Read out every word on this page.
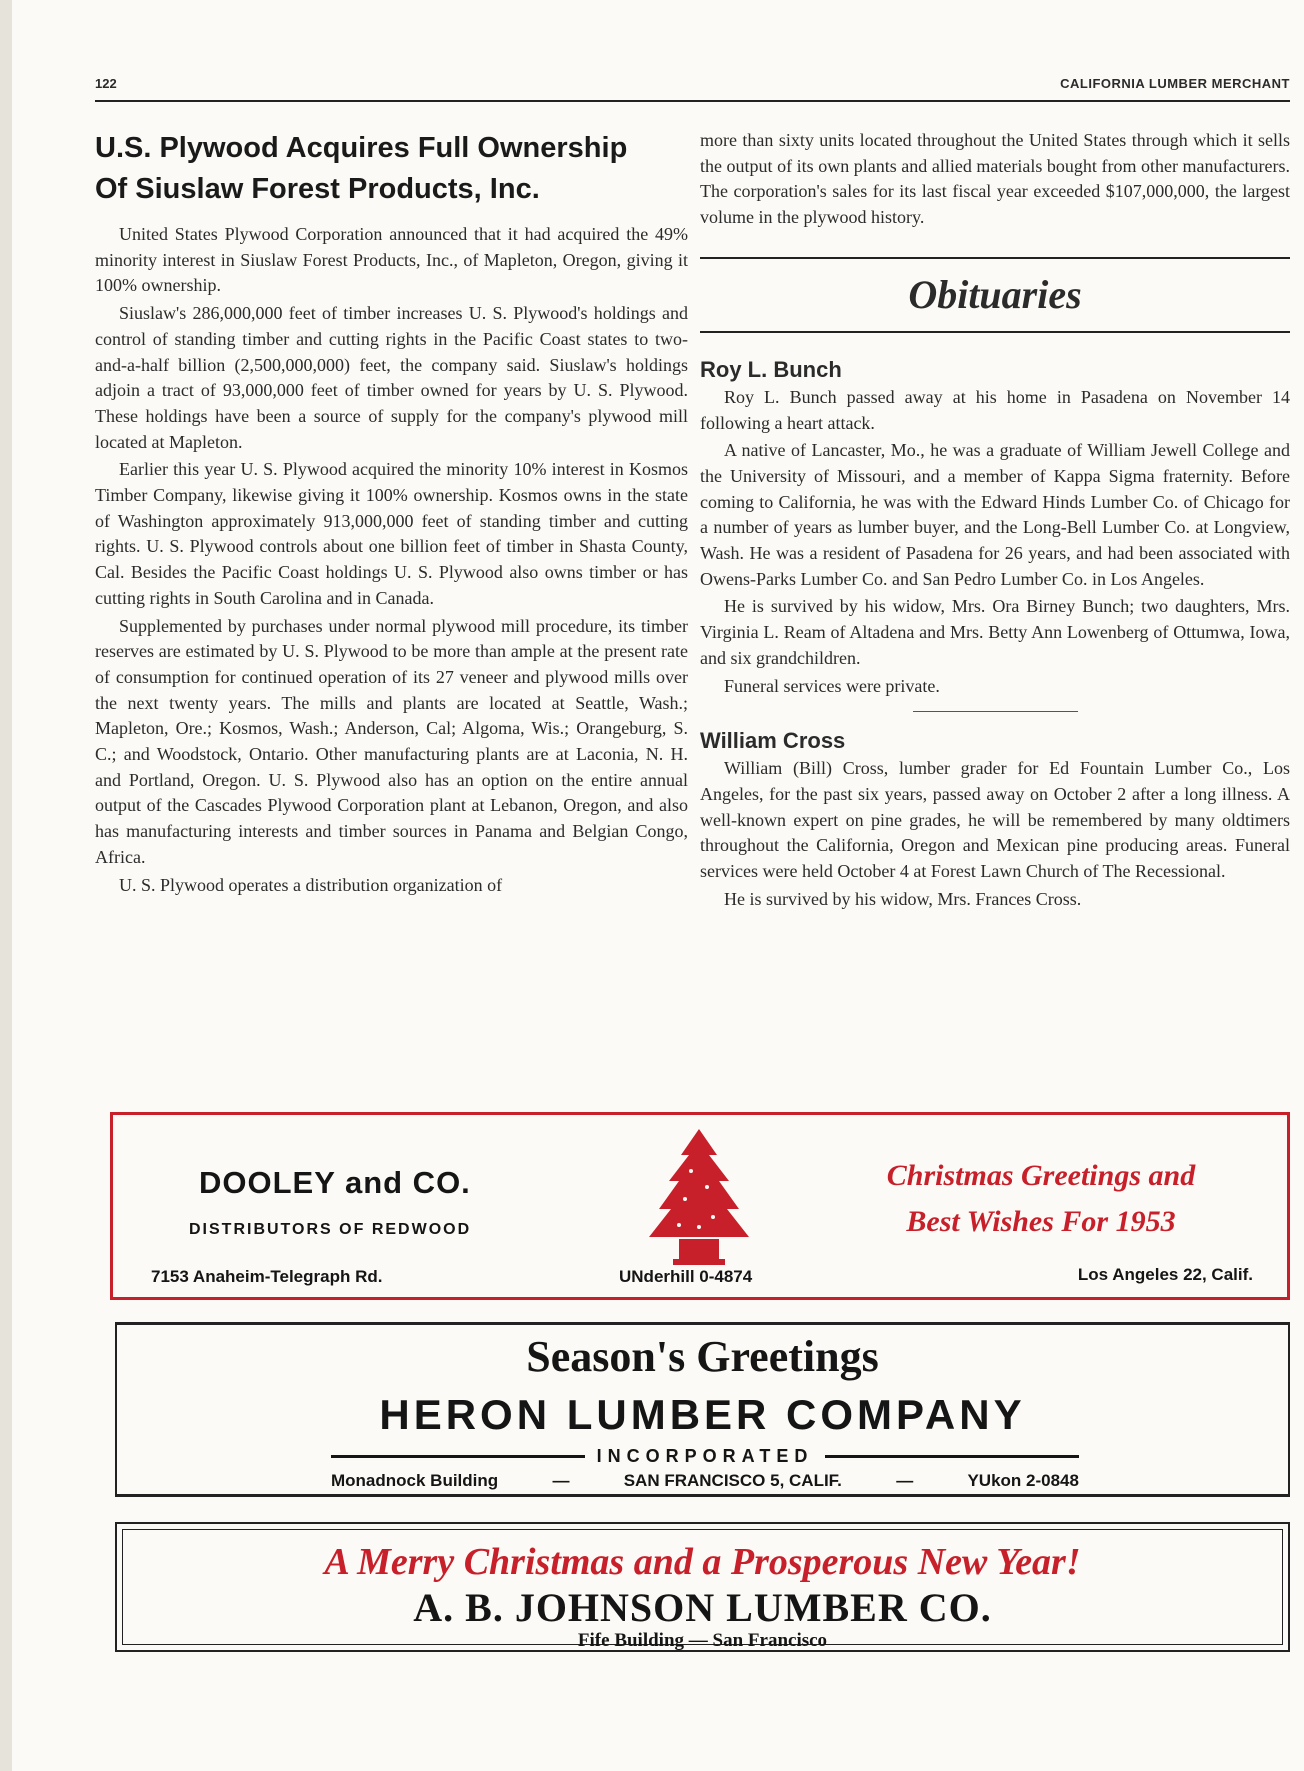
122	CALIFORNIA LUMBER MERCHANT
U.S. Plywood Acquires Full Ownership
Of Siuslaw Forest Products, Inc.

United States Plywood Corporation announced that it had acquired the 49% minority interest in Siuslaw Forest Products, Inc., of Mapleton, Oregon, giving it 100% ownership.

Siuslaw's 286,000,000 feet of timber increases U. S. Plywood's holdings and control of standing timber and cutting rights in the Pacific Coast states to two-and-a-half billion (2,500,000,000) feet, the company said. Siuslaw's holdings adjoin a tract of 93,000,000 feet of timber owned for years by U. S. Plywood. These holdings have been a source of supply for the company's plywood mill located at Mapleton.

Earlier this year U. S. Plywood acquired the minority 10% interest in Kosmos Timber Company, likewise giving it 100% ownership. Kosmos owns in the state of Washington approximately 913,000,000 feet of standing timber and cutting rights. U. S. Plywood controls about one billion feet of timber in Shasta County, Cal. Besides the Pacific Coast holdings U. S. Plywood also owns timber or has cutting rights in South Carolina and in Canada.

Supplemented by purchases under normal plywood mill procedure, its timber reserves are estimated by U. S. Plywood to be more than ample at the present rate of consumption for continued operation of its 27 veneer and plywood mills over the next twenty years. The mills and plants are located at Seattle, Wash.; Mapleton, Ore.; Kosmos, Wash.; Anderson, Cal; Algoma, Wis.; Orangeburg, S. C.; and Woodstock, Ontario. Other manufacturing plants are at Laconia, N. H. and Portland, Oregon. U. S. Plywood also has an option on the entire annual output of the Cascades Plywood Corporation plant at Lebanon, Oregon, and also has manufacturing interests and timber sources in Panama and Belgian Congo, Africa.

U. S. Plywood operates a distribution organization of

more than sixty units located throughout the United States through which it sells the output of its own plants and allied materials bought from other manufacturers. The corporation's sales for its last fiscal year exceeded $107,000,000, the largest volume in the plywood history.

Obituaries
Roy L. Bunch

Roy L. Bunch passed away at his home in Pasadena on November 14 following a heart attack.

A native of Lancaster, Mo., he was a graduate of William Jewell College and the University of Missouri, and a member of Kappa Sigma fraternity. Before coming to California, he was with the Edward Hinds Lumber Co. of Chicago for a number of years as lumber buyer, and the Long-Bell Lumber Co. at Longview, Wash. He was a resident of Pasadena for 26 years, and had been associated with Owens-Parks Lumber Co. and San Pedro Lumber Co. in Los Angeles.

He is survived by his widow, Mrs. Ora Birney Bunch; two daughters, Mrs. Virginia L. Ream of Altadena and Mrs. Betty Ann Lowenberg of Ottumwa, Iowa, and six grandchildren.

Funeral services were private.

William Cross

William (Bill) Cross, lumber grader for Ed Fountain Lumber Co., Los Angeles, for the past six years, passed away on October 2 after a long illness. A well-known expert on pine grades, he will be remembered by many oldtimers throughout the California, Oregon and Mexican pine producing areas. Funeral services were held October 4 at Forest Lawn Church of The Recessional.

He is survived by his widow, Mrs. Frances Cross.

DOOLEY and CO.
DISTRIBUTORS OF REDWOOD
7153 Anaheim-Telegraph Rd.	UNderhill 0-4874	Los Angeles 22, Calif.
Christmas Greetings and
Best Wishes For 1953
Season's Greetings
HERON LUMBER COMPANY
INCORPORATED
Monadnock Building	—	SAN FRANCISCO 5, CALIF.	—	YUkon 2-0848
A Merry Christmas and a Prosperous New Year!
A. B. JOHNSON LUMBER CO.
Fife Building — San Francisco
